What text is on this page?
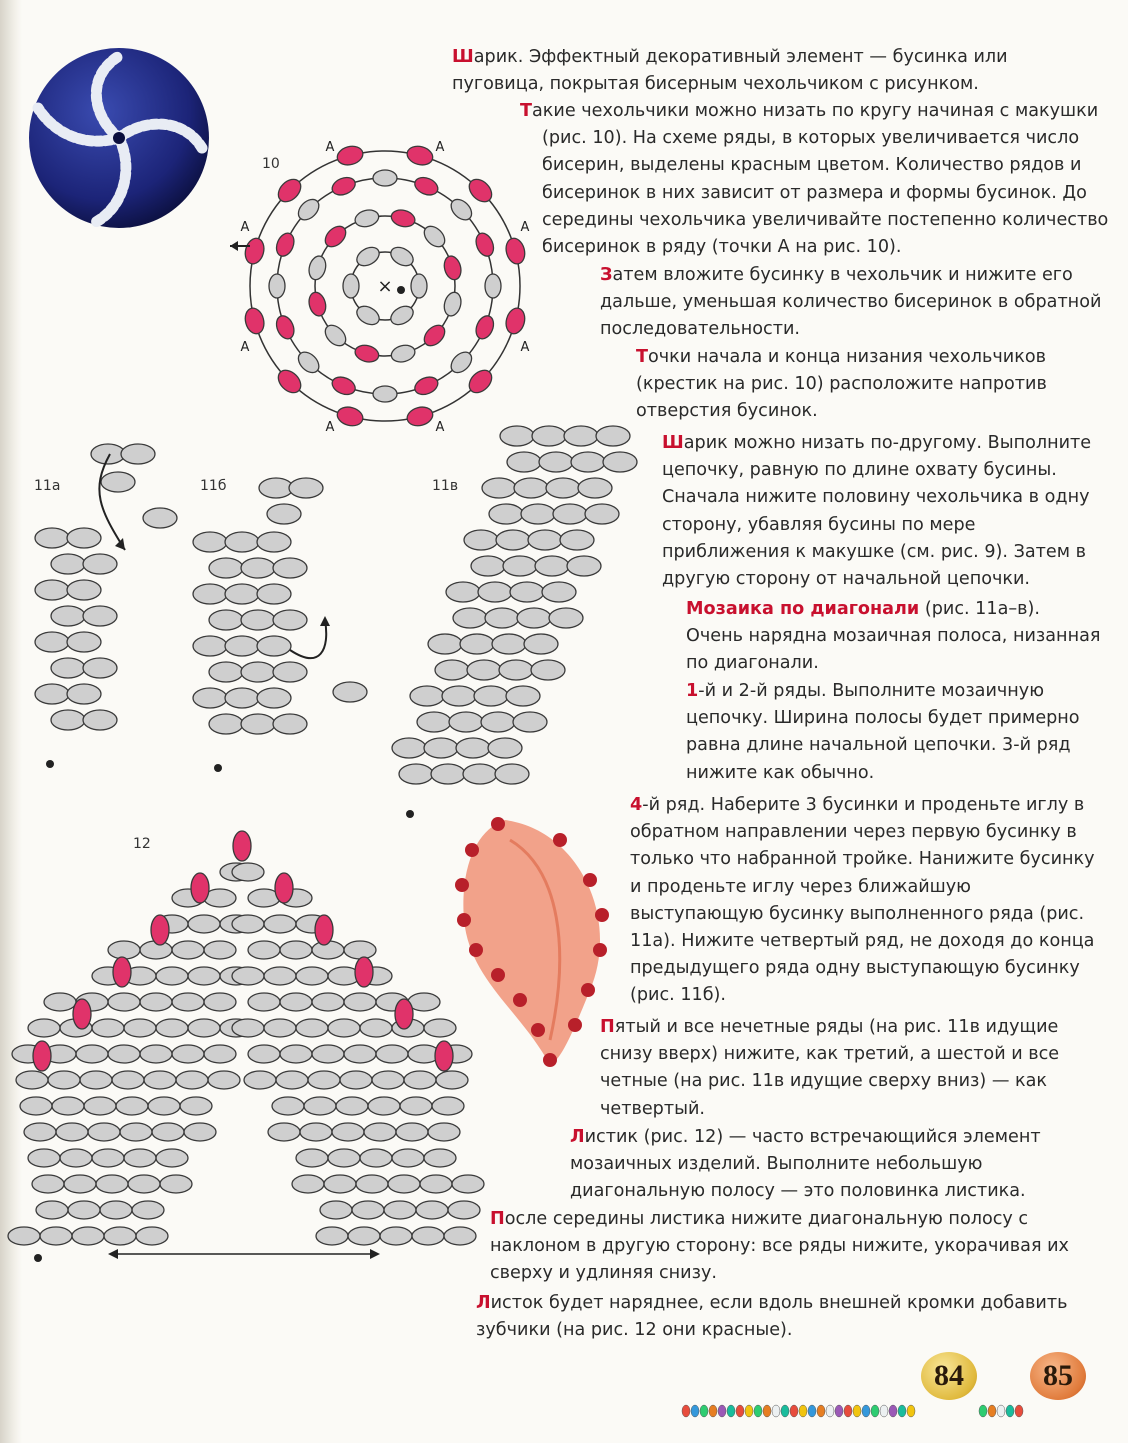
10
A	A
A	A
A	A
A	A
×
11а	11б	11в
12

Шарик. Эффектный декоративный элемент — бусинка или пуговица, покрытая бисерным чехольчиком с рисунком.

Такие чехольчики можно низать по кругу начиная с макушки (рис. 10). На схеме ряды, в которых увеличивается число бисерин, выделены красным цветом. Количество рядов и бисеринок в них зависит от размера и формы бусинок. До середины чехольчика увеличивайте постепенно количество бисеринок в ряду (точки А на рис. 10).

Затем вложите бусинку в чехольчик и нижите его дальше, уменьшая количество бисеринок в обратной последовательности.

Точки начала и конца низания чехольчиков (крестик на рис. 10) расположите напротив отверстия бусинок.

Шарик можно низать по-другому. Выполните цепочку, равную по длине охвату бусины. Сначала нижите половину чехольчика в одну сторону, убавляя бусины по мере приближения к макушке (см. рис. 9). Затем в другую сторону от начальной цепочки.

Мозаика по диагонали (рис. 11а–в). Очень нарядна мозаичная полоса, низанная по диагонали.

1-й и 2-й ряды. Выполните мозаичную цепочку. Ширина полосы будет примерно равна длине начальной цепочки. 3-й ряд нижите как обычно.

4-й ряд. Наберите 3 бусинки и проденьте иглу в обратном направлении через первую бусинку в только что набранной тройке. Нанижите бусинку и проденьте иглу через ближайшую выступающую бусинку выполненного ряда (рис. 11а). Нижите четвертый ряд, не доходя до конца предыдущего ряда одну выступающую бусинку (рис. 11б).

Пятый и все нечетные ряды (на рис. 11в идущие снизу вверх) нижите, как третий, а шестой и все четные (на рис. 11в идущие сверху вниз) — как четвертый.

Листик (рис. 12) — часто встречающийся элемент мозаичных изделий. Выполните небольшую диагональную полосу — это половинка листика.

После середины листика нижите диагональную полосу с наклоном в другую сторону: все ряды нижите, укорачивая их сверху и удлиняя снизу.

Листок будет наряднее, если вдоль внешней кромки добавить зубчики (на рис. 12 они красные).

84	85
